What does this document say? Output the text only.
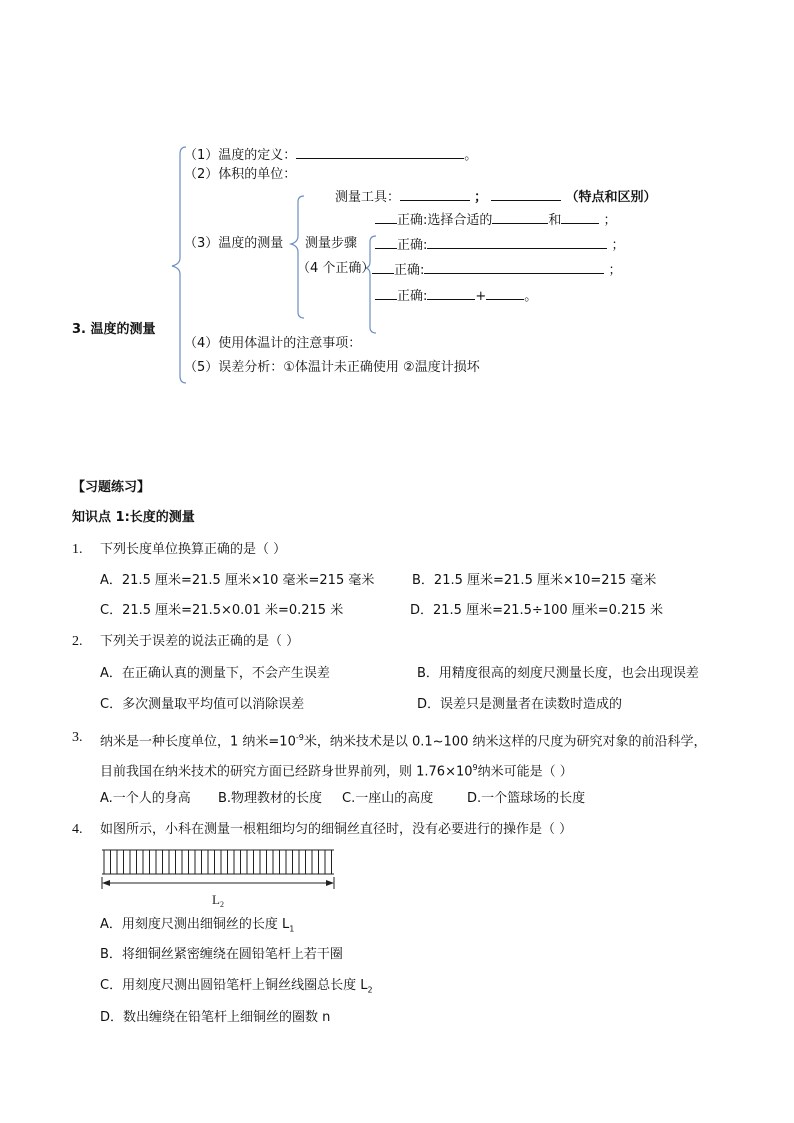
（1）温度的定义：	。
（2）体积的单位：
测量工具：	；	（特点和区别）
正确:选择合适的	和	；
（3）温度的测量 测量步骤	正确:	；
（4 个正确）	正确:	；
正确:	+	。
3. 温度的测量
（4）使用体温计的注意事项：
（5）误差分析：①体温计未正确使用 ②温度计损坏
【习题练习】
知识点 1:长度的测量
1. 下列长度单位换算正确的是（ ）
A．21.5 厘米=21.5 厘米×10 毫米=215 毫米	B．21.5 厘米=21.5 厘米×10=215 毫米
C．21.5 厘米=21.5×0.01 米=0.215 米	D．21.5 厘米=21.5÷100 厘米=0.215 米
2. 下列关于误差的说法正确的是（ ）
A．在正确认真的测量下，不会产生误差	B．用精度很高的刻度尺测量长度，也会出现误差
C．多次测量取平均值可以消除误差	D．误差只是测量者在读数时造成的
3. 纳米是一种长度单位，1 纳米$=10^{-9}$米，纳米技术是以 0.1~100 纳米这样的尺度为研究对象的前沿科学，
目前我国在纳米技术的研究方面已经跻身世界前列，则 $1.76\times 10^9$纳米可能是（ ）
A.一个人的身高 B.物理教材的长度 C.一座山的高度	D.一个篮球场的长度
4. 如图所示，小科在测量一根粗细均匀的细铜丝直径时，没有必要进行的操作是（ ）
$L_2$
A．用刻度尺测出细铜丝的长度 $L_1$
B．将细铜丝紧密缠绕在圆铅笔杆上若干圈
C．用刻度尺测出圆铅笔杆上铜丝线圈总长度 $L_2$
D．数出缠绕在铅笔杆上细铜丝的圈数 n
